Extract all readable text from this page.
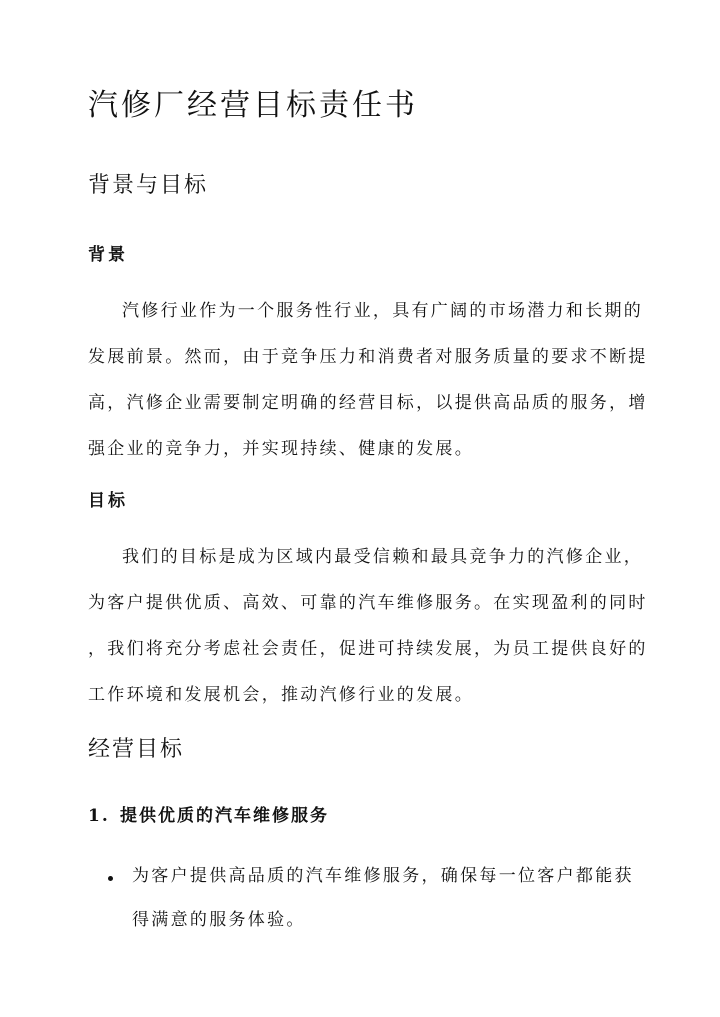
汽修厂经营目标责任书
背景与目标
背景

汽修行业作为一个服务性行业，具有广阔的市场潜力和长期的

发展前景。然而，由于竞争压力和消费者对服务质量的要求不断提

高，汽修企业需要制定明确的经营目标，以提供高品质的服务，增

强企业的竞争力，并实现持续、健康的发展。

目标

我们的目标是成为区域内最受信赖和最具竞争力的汽修企业，

为客户提供优质、高效、可靠的汽车维修服务。在实现盈利的同时

，我们将充分考虑社会责任，促进可持续发展，为员工提供良好的

工作环境和发展机会，推动汽修行业的发展。

经营目标
1. 提供优质的汽车维修服务

为客户提供高品质的汽车维修服务，确保每一位客户都能获

得满意的服务体验。
